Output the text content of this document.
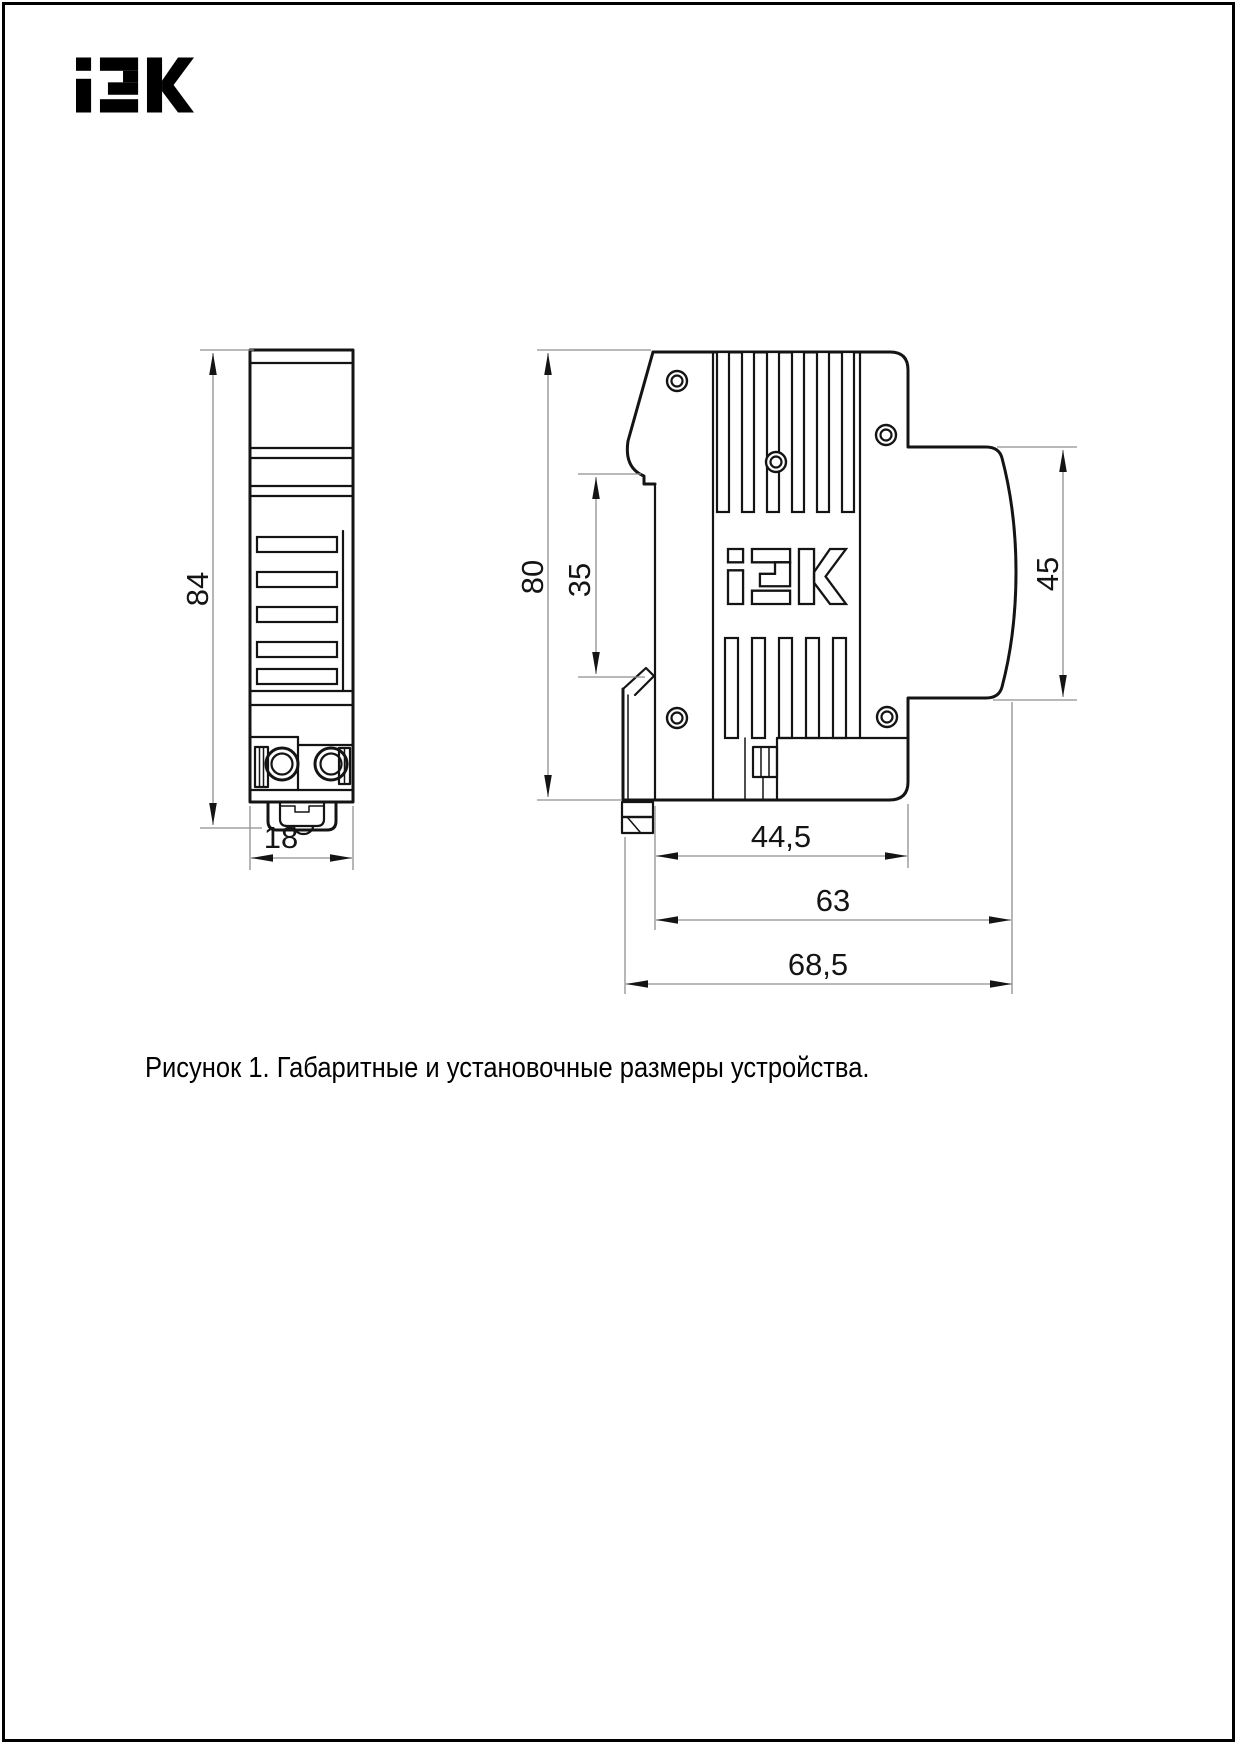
84
18
80 35	45
44,5
63
68,5
Рисунок 1. Габаритные и установочные размеры устройства.
